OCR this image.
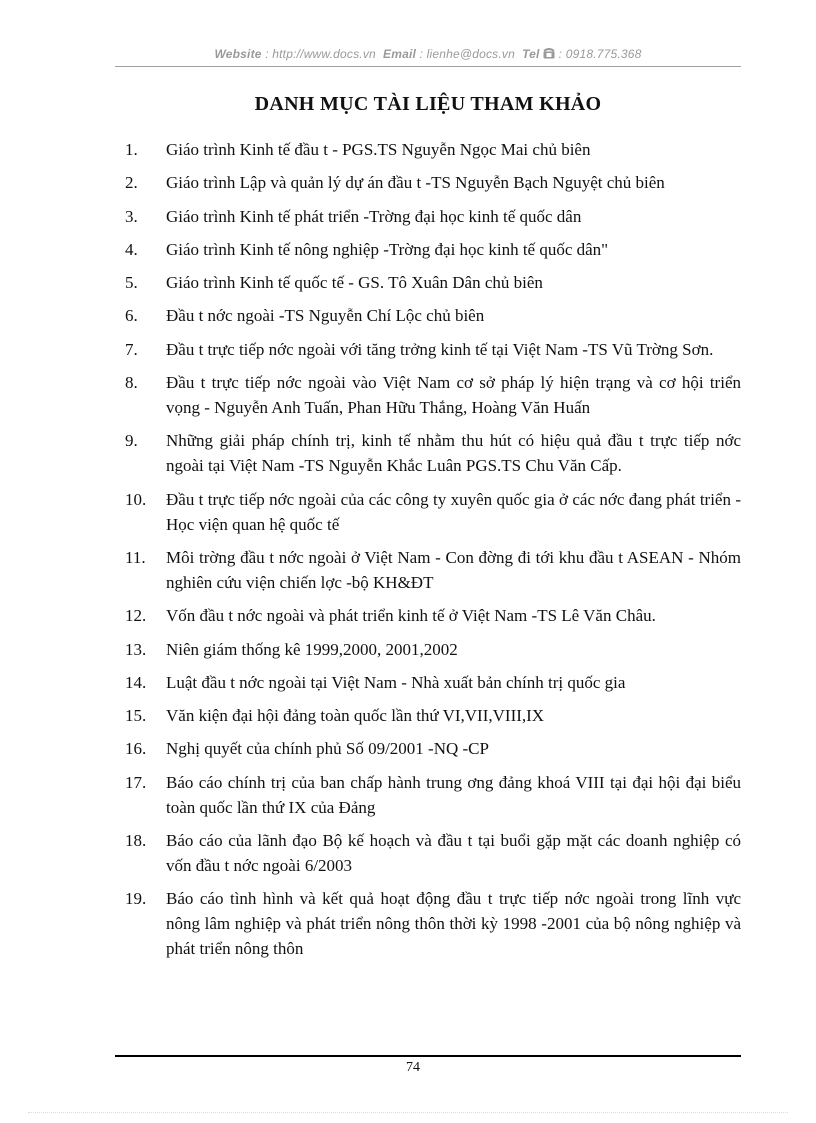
Website : http://www.docs.vn Email : lienhe@docs.vn Tel : 0918.775.368
DANH MỤC TÀI LIỆU THAM KHẢO
1. Giáo trình Kinh tế đầu t - PGS.TS Nguyễn Ngọc Mai chủ biên
2. Giáo trình Lập và quản lý dự án đầu t -TS Nguyễn Bạch Nguyệt chủ biên
3. Giáo trình Kinh tế phát triển -Trờng đại học kinh tế quốc dân
4. Giáo trình Kinh tế nông nghiệp -Trờng đại học kinh tế quốc dân"
5. Giáo trình Kinh tế quốc tế - GS. Tô Xuân Dân chủ biên
6. Đầu t nớc ngoài -TS Nguyễn Chí Lộc chủ biên
7. Đầu t trực tiếp nớc ngoài với tăng trởng kinh tế tại Việt Nam -TS Vũ Trờng Sơn.
8. Đầu t trực tiếp nớc ngoài vào Việt Nam cơ sở pháp lý hiện trạng và cơ hội triển vọng - Nguyễn Anh Tuấn, Phan Hữu Thắng, Hoàng Văn Huấn
9. Những giải pháp chính trị, kinh tế nhằm thu hút có hiệu quả đầu t trực tiếp nớc ngoài tại Việt Nam -TS Nguyễn Khắc Luân PGS.TS Chu Văn Cấp.
10. Đầu t trực tiếp nớc ngoài của các công ty xuyên quốc gia ở các nớc đang phát triển - Học viện quan hệ quốc tế
11. Môi trờng đầu t nớc ngoài ở Việt Nam - Con đờng đi tới khu đầu t ASEAN - Nhóm nghiên cứu viện chiến lợc -bộ KH&ĐT
12. Vốn đầu t nớc ngoài và phát triển kinh tế ở Việt Nam -TS Lê Văn Châu.
13. Niên giám thống kê 1999,2000, 2001,2002
14. Luật đầu t nớc ngoài tại Việt Nam - Nhà xuất bản chính trị quốc gia
15. Văn kiện đại hội đảng toàn quốc lần thứ VI,VII,VIII,IX
16. Nghị quyết của chính phủ Số 09/2001 -NQ -CP
17. Báo cáo chính trị của ban chấp hành trung ơng đảng khoá VIII tại đại hội đại biểu toàn quốc lần thứ IX của Đảng
18. Báo cáo của lãnh đạo Bộ kế hoạch và đầu t tại buổi gặp mặt các doanh nghiệp có vốn đầu t nớc ngoài 6/2003
19. Báo cáo tình hình và kết quả hoạt động đầu t trực tiếp nớc ngoài trong lĩnh vực nông lâm nghiệp và phát triển nông thôn thời kỳ 1998 -2001 của bộ nông nghiệp và phát triển nông thôn
74
